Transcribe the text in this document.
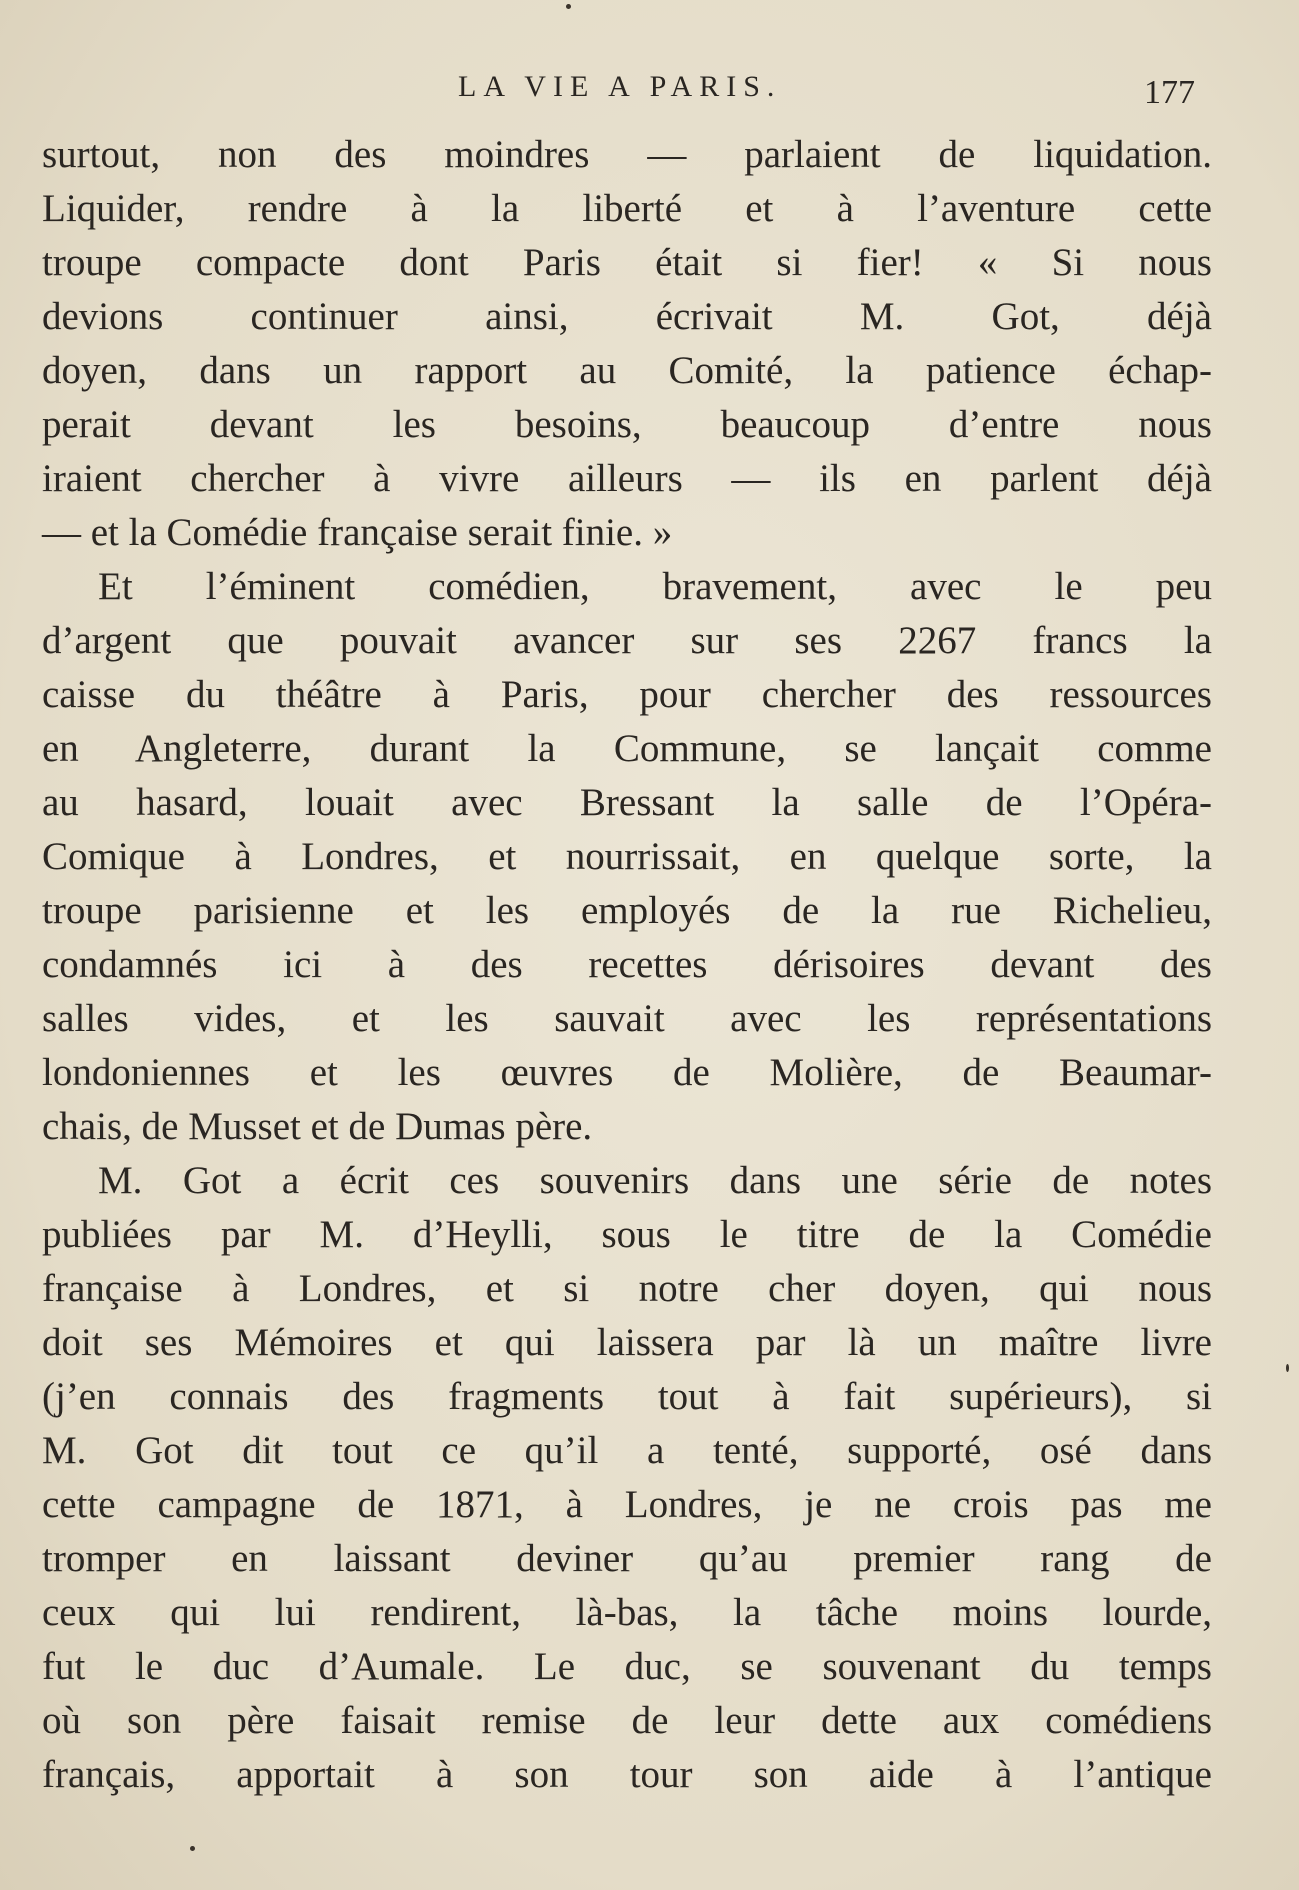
LA VIE A PARIS.	177
surtout, non des moindres — parlaient de liquidation.
Liquider, rendre à la liberté et à l’aventure cette
troupe compacte dont Paris était si fier! « Si nous
devions continuer ainsi, écrivait M. Got, déjà
doyen, dans un rapport au Comité, la patience échap-
perait devant les besoins, beaucoup d’entre nous
iraient chercher à vivre ailleurs — ils en parlent déjà
— et la Comédie française serait finie. »
Et l’éminent comédien, bravement, avec le peu
d’argent que pouvait avancer sur ses 2267 francs la
caisse du théâtre à Paris, pour chercher des ressources
en Angleterre, durant la Commune, se lançait comme
au hasard, louait avec Bressant la salle de l’Opéra-
Comique à Londres, et nourrissait, en quelque sorte, la
troupe parisienne et les employés de la rue Richelieu,
condamnés ici à des recettes dérisoires devant des
salles vides, et les sauvait avec les représentations
londoniennes et les œuvres de Molière, de Beaumar-
chais, de Musset et de Dumas père.
M. Got a écrit ces souvenirs dans une série de notes
publiées par M. d’Heylli, sous le titre de la Comédie
française à Londres, et si notre cher doyen, qui nous
doit ses Mémoires et qui laissera par là un maître livre
(j’en connais des fragments tout à fait supérieurs), si
M. Got dit tout ce qu’il a tenté, supporté, osé dans
cette campagne de 1871, à Londres, je ne crois pas me
tromper en laissant deviner qu’au premier rang de
ceux qui lui rendirent, là-bas, la tâche moins lourde,
fut le duc d’Aumale. Le duc, se souvenant du temps
où son père faisait remise de leur dette aux comédiens
français, apportait à son tour son aide à l’antique
